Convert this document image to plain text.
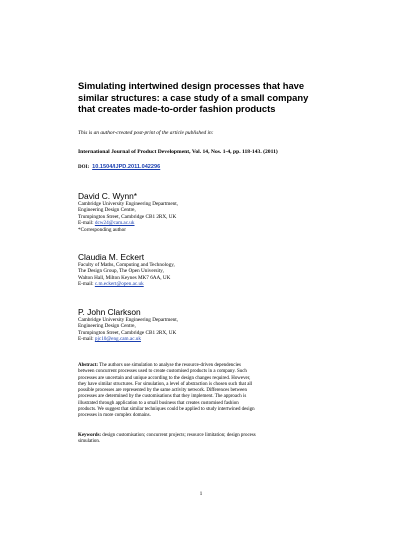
Simulating intertwined design processes that have
similar structures: a case study of a small company
that creates made-to-order fashion products
This is an author-created post-print of the article published in:
International Journal of Product Development, Vol. 14, Nos. 1-4, pp. 118-143. (2011)
DOI: 10.1504/IJPD.2011.042296
David C. Wynn*
Cambridge University Engineering Department,
Engineering Design Centre,
Trumpington Street, Cambridge CB1 2RX, UK
E-mail: dcw24@cam.ac.uk
*Corresponding author
Claudia M. Eckert
Faculty of Maths, Computing and Technology,
The Design Group, The Open University,
Walton Hall, Milton Keynes MK7 6AA, UK
E-mail: c.m.eckert@open.ac.uk
P. John Clarkson
Cambridge University Engineering Department,
Engineering Design Centre,
Trumpington Street, Cambridge CB1 2RX, UK
E-mail: pjc10@eng.cam.ac.uk
Abstract: The authors use simulation to analyse the resource-driven dependencies
between concurrent processes used to create customised products in a company. Such
processes are uncertain and unique according to the design changes required. However,
they have similar structures. For simulation, a level of abstraction is chosen such that all
possible processes are represented by the same activity network. Differences between
processes are determined by the customisations that they implement. The approach is
illustrated through application to a small business that creates customised fashion
products. We suggest that similar techniques could be applied to study intertwined design
processes in more complex domains.
Keywords: design customisation; concurrent projects; resource limitation; design process
simulation.
1
